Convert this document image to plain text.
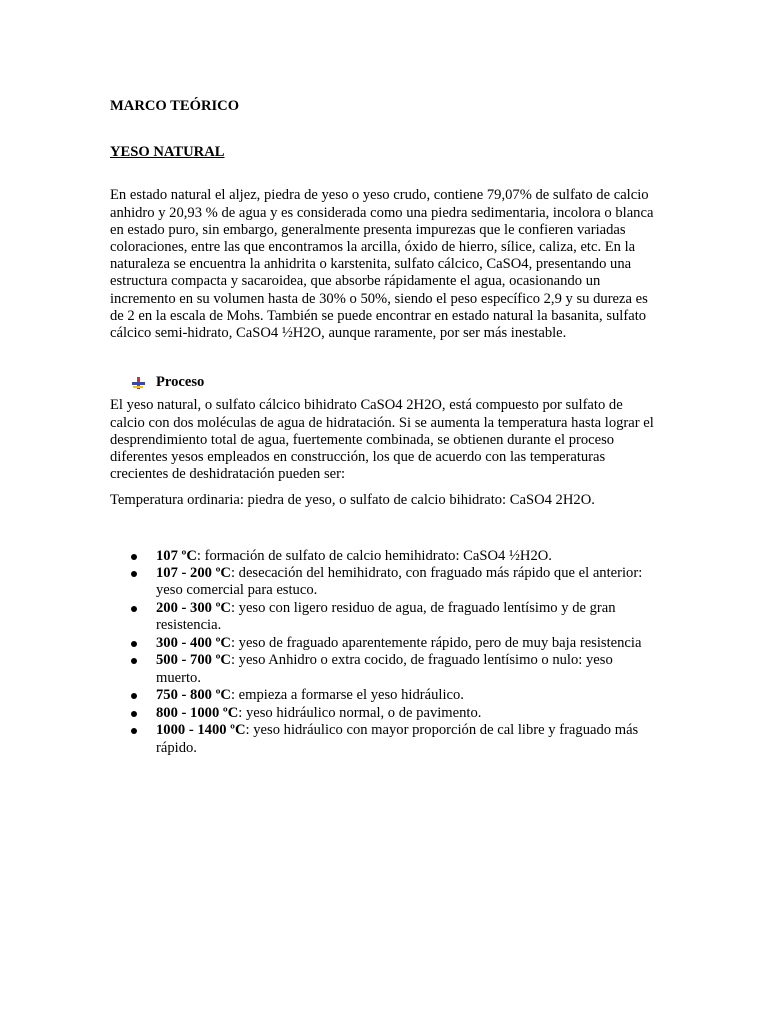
MARCO TEÓRICO

YESO NATURAL

En estado natural el aljez, piedra de yeso o yeso crudo, contiene 79,07% de sulfato de calcio anhidro y 20,93 % de agua y es considerada como una piedra sedimentaria, incolora o blanca en estado puro, sin embargo, generalmente presenta impurezas que le confieren variadas coloraciones, entre las que encontramos la arcilla, óxido de hierro, sílice, caliza, etc. En la naturaleza se encuentra la anhidrita o karstenita, sulfato cálcico, CaSO4, presentando una estructura compacta y sacaroidea, que absorbe rápidamente el agua, ocasionando un incremento en su volumen hasta de 30% o 50%, siendo el peso específico 2,9 y su dureza es de 2 en la escala de Mohs. También se puede encontrar en estado natural la basanita, sulfato cálcico semi-hidrato, CaSO4 ½H2O, aunque raramente, por ser más inestable.

Proceso

El yeso natural, o sulfato cálcico bihidrato CaSO4 2H2O, está compuesto por sulfato de calcio con dos moléculas de agua de hidratación. Si se aumenta la temperatura hasta lograr el desprendimiento total de agua, fuertemente combinada, se obtienen durante el proceso diferentes yesos empleados en construcción, los que de acuerdo con las temperaturas crecientes de deshidratación pueden ser:

Temperatura ordinaria: piedra de yeso, o sulfato de calcio bihidrato: CaSO4 2H2O.

107 ºC: formación de sulfato de calcio hemihidrato: CaSO4 ½H2O.
107 - 200 ºC: desecación del hemihidrato, con fraguado más rápido que el anterior: yeso comercial para estuco.
200 - 300 ºC: yeso con ligero residuo de agua, de fraguado lentísimo y de gran resistencia.
300 - 400 ºC: yeso de fraguado aparentemente rápido, pero de muy baja resistencia
500 - 700 ºC: yeso Anhidro o extra cocido, de fraguado lentísimo o nulo: yeso muerto.
750 - 800 ºC: empieza a formarse el yeso hidráulico.
800 - 1000 ºC: yeso hidráulico normal, o de pavimento.
1000 - 1400 ºC: yeso hidráulico con mayor proporción de cal libre y fraguado más rápido.
